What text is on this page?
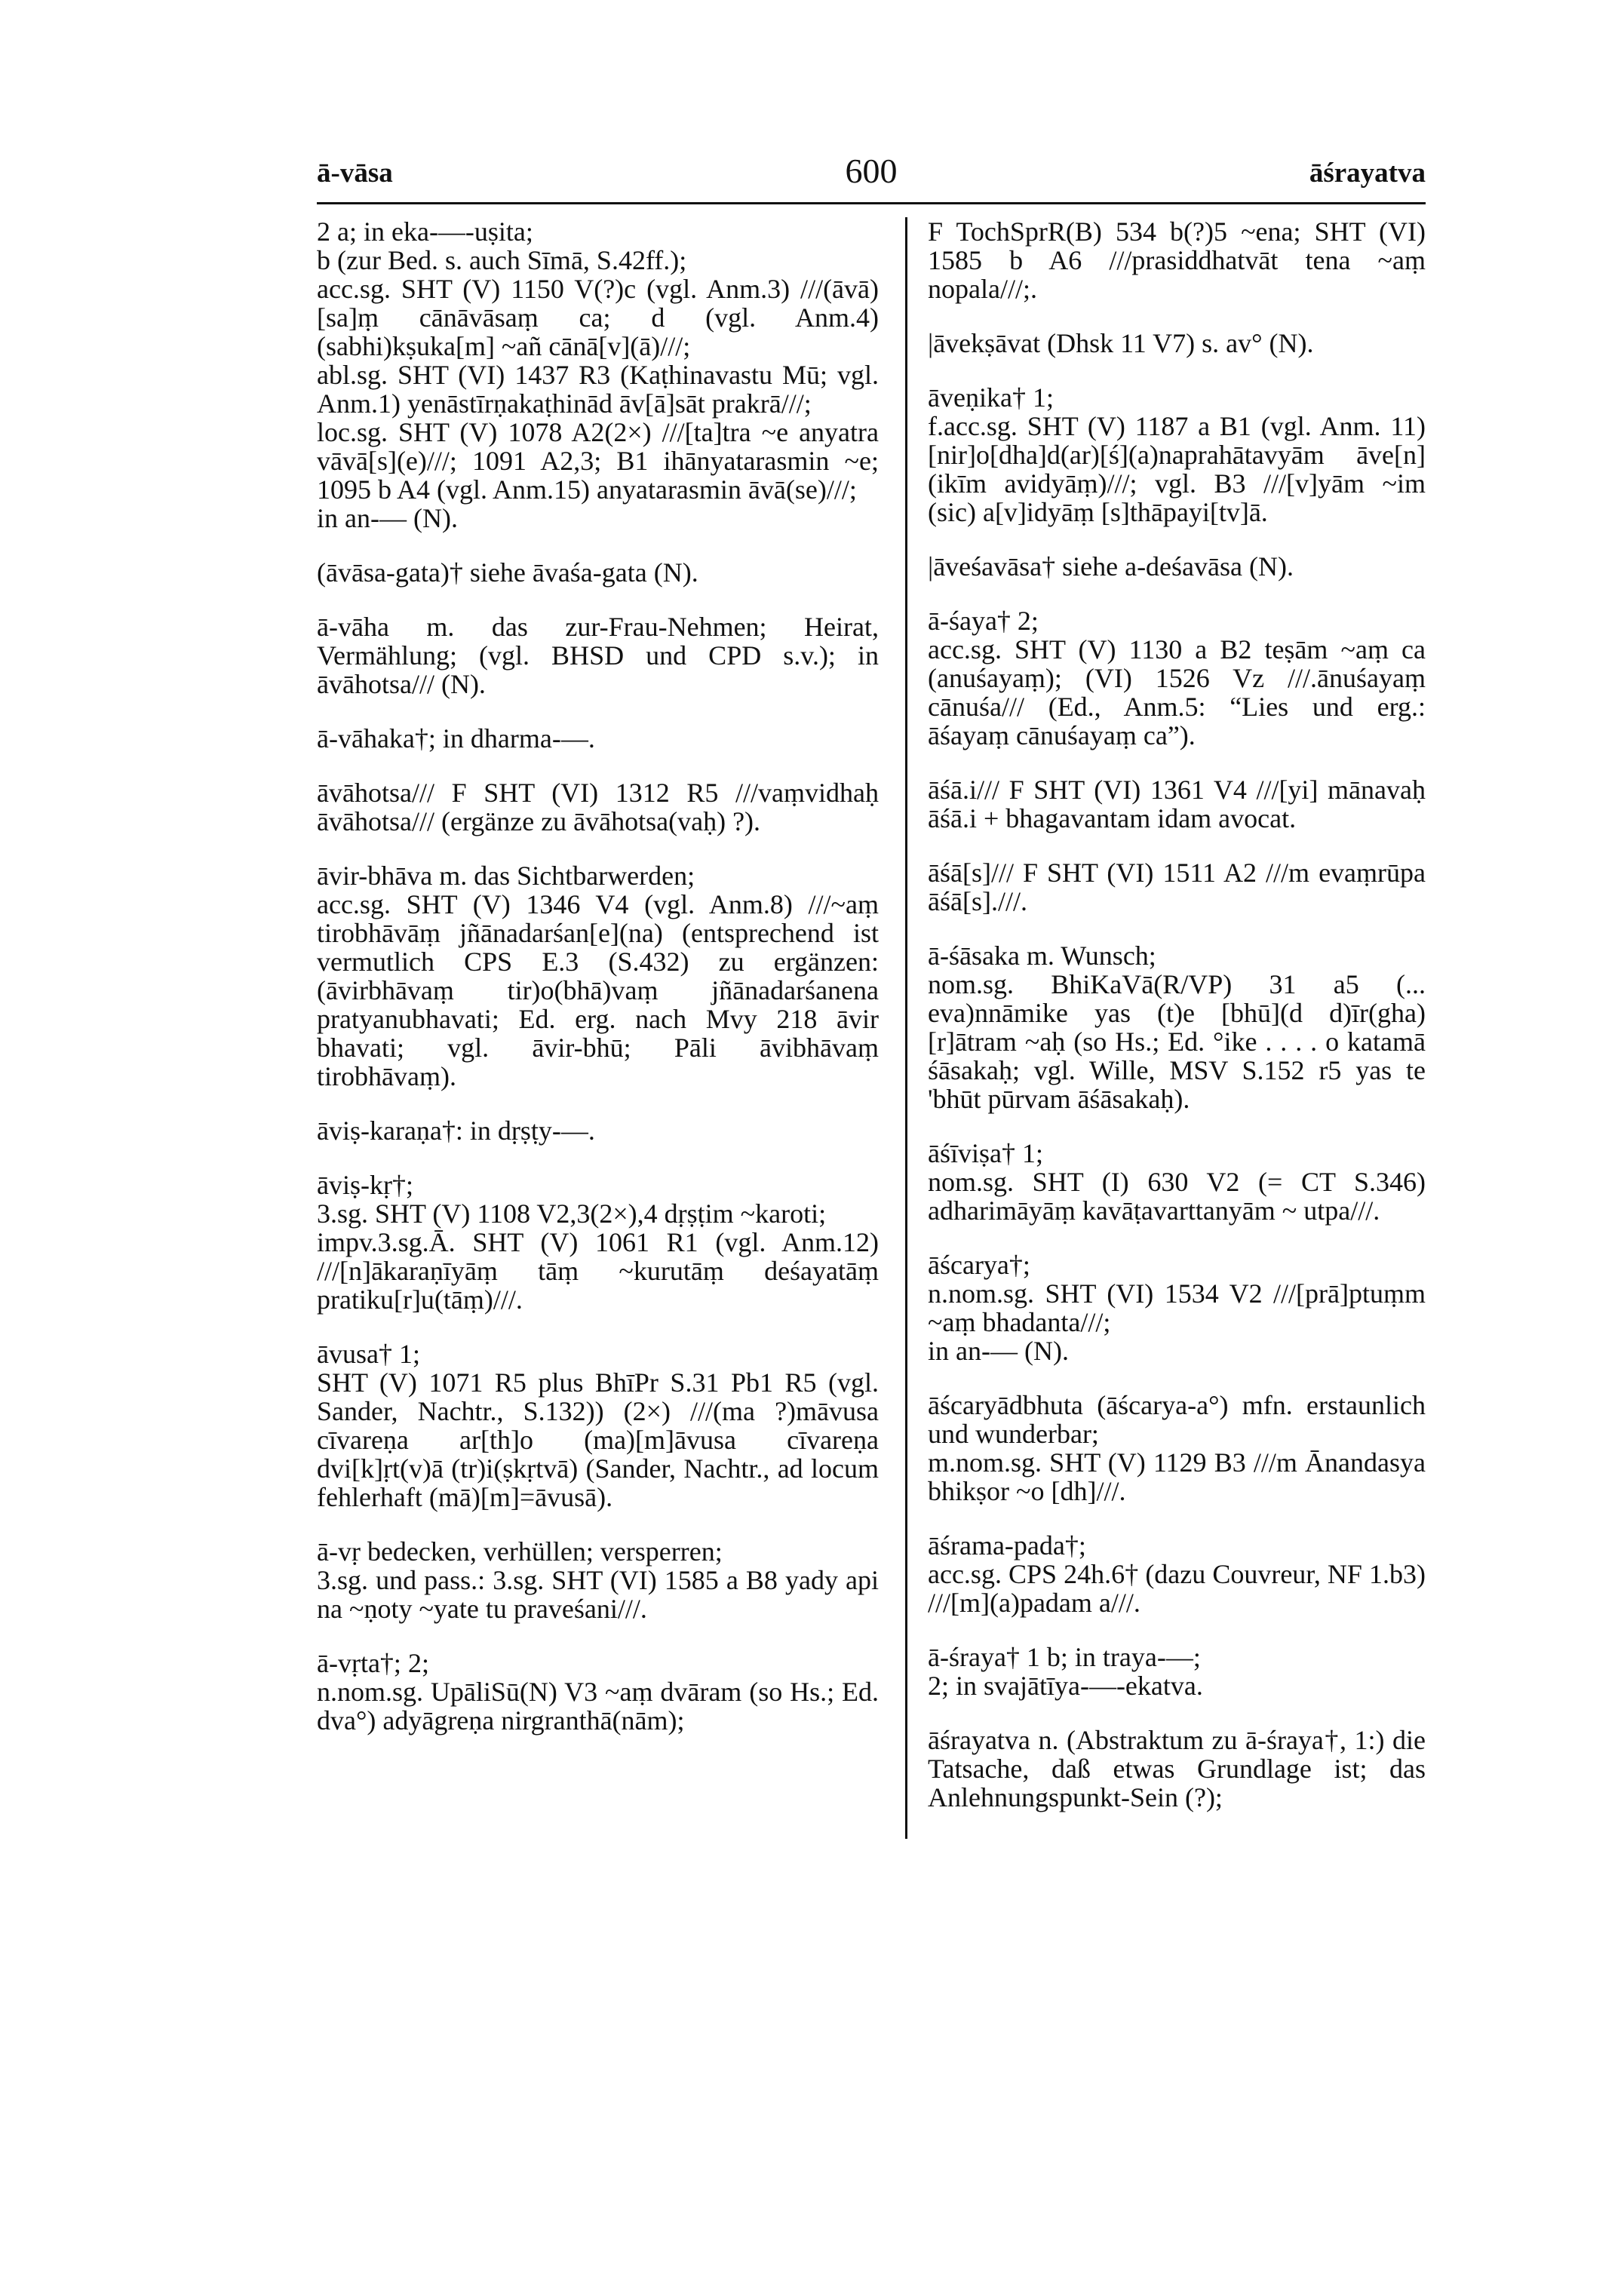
ā-vāsa	600	āśrayatva

2 a; in eka-—-uṣita;

b (zur Bed. s. auch Sīmā, S.42ff.);

acc.sg. SHT (V) 1150 V(?)c (vgl. Anm.3) ///(āvā)[sa]ṃ cānāvāsaṃ ca; d (vgl. Anm.4) (sabhi)kṣuka[m] ~añ cānā[v](ā)///;

abl.sg. SHT (VI) 1437 R3 (Kaṭhinavastu Mū; vgl. Anm.1) yenāstīrṇakaṭhinād āv[ā]sāt prakrā///;

loc.sg. SHT (V) 1078 A2(2×) ///[ta]tra ~e anyatra vāvā[s](e)///; 1091 A2,3; B1 ihānyatarasmin ~e; 1095 b A4 (vgl. Anm.15) anyatarasmin āvā(se)///;

in an-— (N).

(āvāsa-gata)† siehe āvaśa-gata (N).

ā-vāha m. das zur-Frau-Nehmen; Heirat, Vermählung; (vgl. BHSD und CPD s.v.); in āvāhotsa/// (N).

ā-vāhaka†; in dharma-—.

āvāhotsa/// F SHT (VI) 1312 R5 ///vaṃvidhaḥ āvāhotsa/// (ergänze zu āvāhotsa(vaḥ) ?).

āvir-bhāva m. das Sichtbarwerden;

acc.sg. SHT (V) 1346 V4 (vgl. Anm.8) ///~aṃ tirobhāvāṃ jñānadarśan[e](na) (entsprechend ist vermutlich CPS E.3 (S.432) zu ergänzen: (āvirbhāvaṃ tir)o(bhā)vaṃ jñānadarśanena pratyanubhavati; Ed. erg. nach Mvy 218 āvir bhavati; vgl. āvir-bhū; Pāli āvibhāvaṃ tirobhāvaṃ).

āviṣ-karaṇa†: in dṛṣṭy-—.

āviṣ-kṛ†;

3.sg. SHT (V) 1108 V2,3(2×),4 dṛṣṭim ~karoti;

impv.3.sg.Ā. SHT (V) 1061 R1 (vgl. Anm.12) ///[n]ākaraṇīyāṃ tāṃ ~kurutāṃ deśayatāṃ pratiku[r]u(tāṃ)///.

āvusa† 1;

SHT (V) 1071 R5 plus BhīPr S.31 Pb1 R5 (vgl. Sander, Nachtr., S.132)) (2×) ///(ma ?)māvusa cīvareṇa ar[th]o (ma)[m]āvusa cīvareṇa dvi[k]ṛt(v)ā (tr)i(ṣkṛtvā) (Sander, Nachtr., ad locum fehlerhaft (mā)[m]=āvusā).

ā-vṛ bedecken, verhüllen; versperren;

3.sg. und pass.: 3.sg. SHT (VI) 1585 a B8 yady api na ~ṇoty ~yate tu praveśani///.

ā-vṛta†; 2;

n.nom.sg. UpāliSū(N) V3 ~aṃ dvāram (so Hs.; Ed. dva°) adyāgreṇa nirgranthā(nām);

F TochSprR(B) 534 b(?)5 ~ena; SHT (VI) 1585 b A6 ///prasiddhatvāt tena ~aṃ nopala///;.

|āvekṣāvat (Dhsk 11 V7) s. av° (N).

āveṇika† 1;

f.acc.sg. SHT (V) 1187 a B1 (vgl. Anm. 11) [nir]o[dha]d(ar)[ś](a)naprahātavyām āve[n](ikīm avidyāṃ)///; vgl. B3 ///[v]yām ~im (sic) a[v]idyāṃ [s]thāpayi[tv]ā.

|āveśavāsa† siehe a-deśavāsa (N).

ā-śaya† 2;

acc.sg. SHT (V) 1130 a B2 teṣām ~aṃ ca (anuśayaṃ); (VI) 1526 Vz ///.ānuśayaṃ cānuśa/// (Ed., Anm.5: “Lies und erg.: āśayaṃ cānuśayaṃ ca”).

āśā.i/// F SHT (VI) 1361 V4 ///[yi] mānavaḥ āśā.i + bhagavantam idam avocat.

āśā[s]/// F SHT (VI) 1511 A2 ///m evaṃrūpa āśā[s].///.

ā-śāsaka m. Wunsch;

nom.sg. BhiKaVā(R/VP) 31 a5 (... eva)nnāmike yas (t)e [bhū](d d)īr(gha)[r]ātram ~aḥ (so Hs.; Ed. °ike . . . . o katamā śāsakaḥ; vgl. Wille, MSV S.152 r5 yas te 'bhūt pūrvam āśāsakaḥ).

āśīviṣa† 1;

nom.sg. SHT (I) 630 V2 (= CT S.346) adharimāyāṃ kavāṭavarttanyām ~ utpa///.

āścarya†;

n.nom.sg. SHT (VI) 1534 V2 ///[prā]ptuṃm ~aṃ bhadanta///;

in an-— (N).

āścaryādbhuta (āścarya-a°) mfn. erstaunlich und wunderbar;

m.nom.sg. SHT (V) 1129 B3 ///m Ānandasya bhikṣor ~o [dh]///.

āśrama-pada†;

acc.sg. CPS 24h.6† (dazu Couvreur, NF 1.b3) ///[m](a)padam a///.

ā-śraya† 1 b; in traya-—;

2; in svajātīya-—-ekatva.

āśrayatva n. (Abstraktum zu ā-śraya†, 1:) die Tatsache, daß etwas Grundlage ist; das Anlehnungspunkt-Sein (?);
